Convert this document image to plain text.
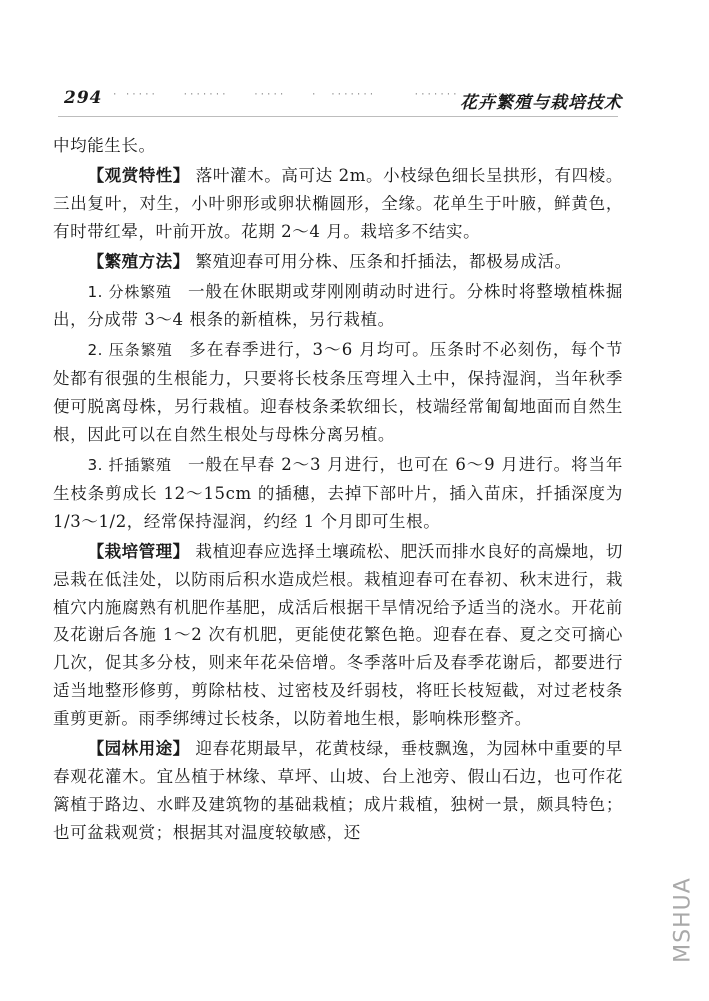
294 · ·····    ·······    ·····    ·  ·······      ·······    ·····
花卉繁殖与栽培技术

中均能生长。

【观赏特性】 落叶灌木。高可达 2m。小枝绿色细长呈拱形，有四棱。三出复叶，对生，小叶卵形或卵状椭圆形，全缘。花单生于叶腋，鲜黄色，有时带红晕，叶前开放。花期 2～4 月。栽培多不结实。

【繁殖方法】 繁殖迎春可用分株、压条和扦插法，都极易成活。

1. 分株繁殖 一般在休眠期或芽刚刚萌动时进行。分株时将整墩植株掘出，分成带 3～4 根条的新植株，另行栽植。

2. 压条繁殖 多在春季进行，3～6 月均可。压条时不必刻伤，每个节处都有很强的生根能力，只要将长枝条压弯埋入土中，保持湿润，当年秋季便可脱离母株，另行栽植。迎春枝条柔软细长，枝端经常匍匐地面而自然生根，因此可以在自然生根处与母株分离另植。

3. 扦插繁殖 一般在早春 2～3 月进行，也可在 6～9 月进行。将当年生枝条剪成长 12～15cm 的插穗，去掉下部叶片，插入苗床，扦插深度为 1/3～1/2，经常保持湿润，约经 1 个月即可生根。

【栽培管理】 栽植迎春应选择土壤疏松、肥沃而排水良好的高燥地，切忌栽在低洼处，以防雨后积水造成烂根。栽植迎春可在春初、秋末进行，栽植穴内施腐熟有机肥作基肥，成活后根据干旱情况给予适当的浇水。开花前及花谢后各施 1～2 次有机肥，更能使花繁色艳。迎春在春、夏之交可摘心几次，促其多分枝，则来年花朵倍增。冬季落叶后及春季花谢后，都要进行适当地整形修剪，剪除枯枝、过密枝及纤弱枝，将旺长枝短截，对过老枝条重剪更新。雨季绑缚过长枝条，以防着地生根，影响株形整齐。

【园林用途】 迎春花期最早，花黄枝绿，垂枝飘逸，为园林中重要的早春观花灌木。宜丛植于林缘、草坪、山坡、台上池旁、假山石边，也可作花篱植于路边、水畔及建筑物的基础栽植；成片栽植，独树一景，颇具特色；也可盆栽观赏；根据其对温度较敏感，还

MSHUA
